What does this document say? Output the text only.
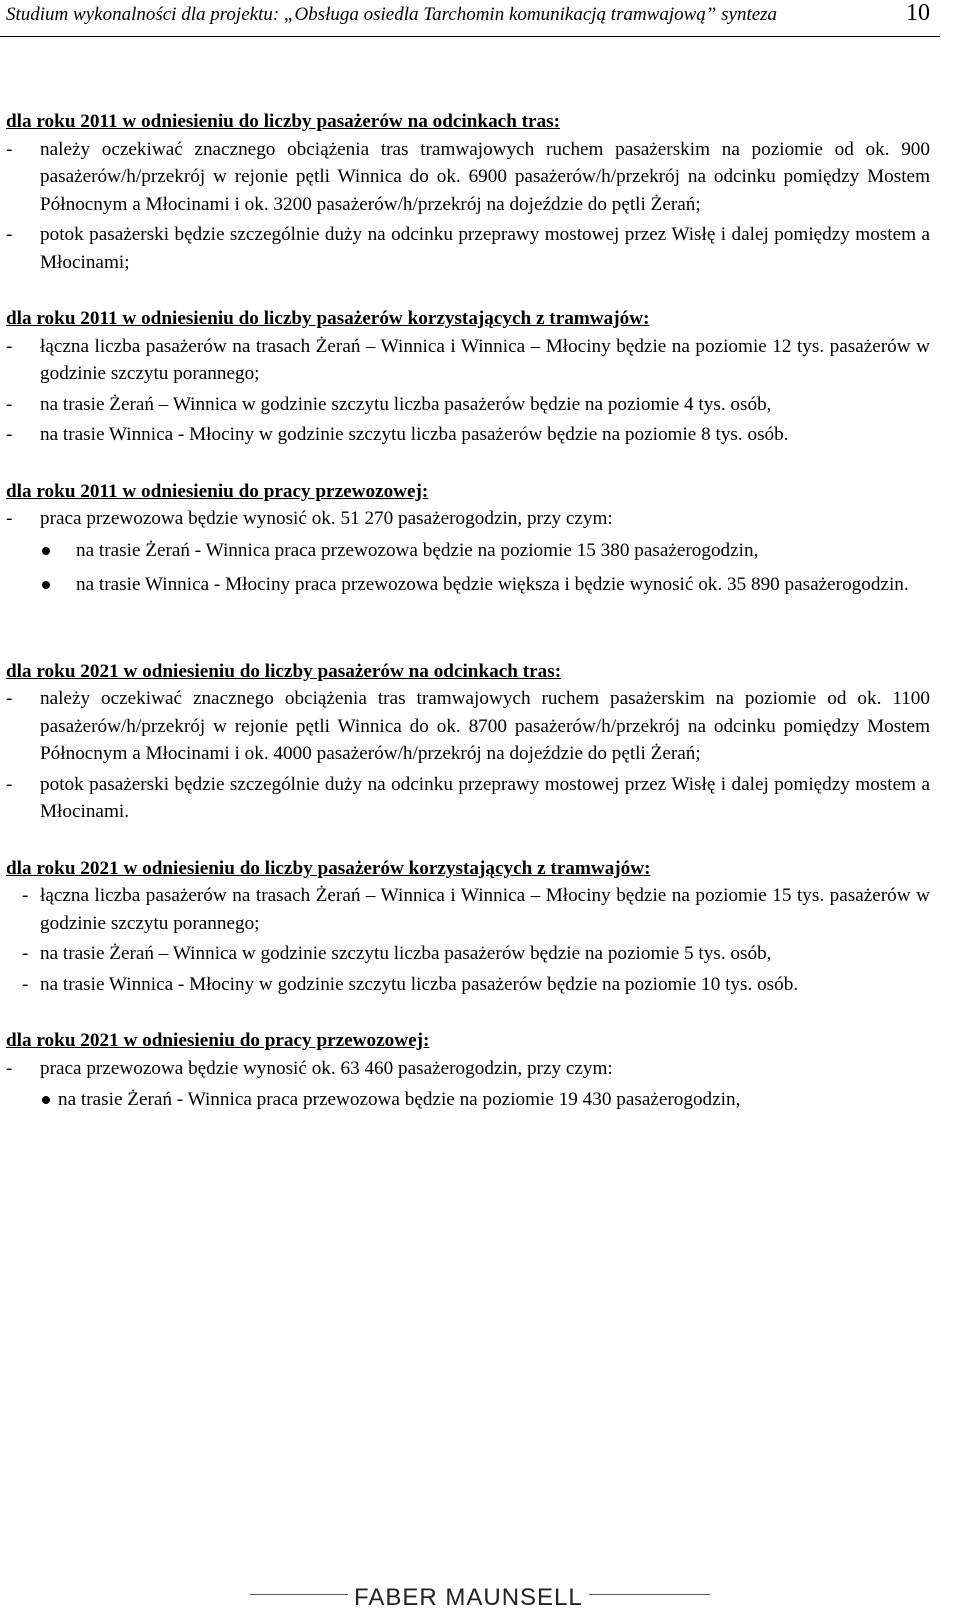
Studium wykonalności dla projektu: „Obsługa osiedla Tarchomin komunikacją tramwajową” synteza	10

dla roku 2011 w odniesieniu do liczby pasażerów na odcinkach tras:

- należy oczekiwać znacznego obciążenia tras tramwajowych ruchem pasażerskim na poziomie od ok. 900 pasażerów/h/przekrój w rejonie pętli Winnica do ok. 6900 pasażerów/h/przekrój na odcinku pomiędzy Mostem Północnym a Młocinami i ok. 3200 pasażerów/h/przekrój na dojeździe do pętli Żerań;
- potok pasażerski będzie szczególnie duży na odcinku przeprawy mostowej przez Wisłę i dalej pomiędzy mostem a Młocinami;

dla roku 2011 w odniesieniu do liczby pasażerów korzystających z tramwajów:

- łączna liczba pasażerów na trasach Żerań – Winnica i Winnica – Młociny będzie na poziomie 12 tys. pasażerów w godzinie szczytu porannego;
- na trasie Żerań – Winnica w godzinie szczytu liczba pasażerów będzie na poziomie 4 tys. osób,
- na trasie Winnica - Młociny w godzinie szczytu liczba pasażerów będzie na poziomie 8 tys. osób.

dla roku 2011 w odniesieniu do pracy przewozowej:

- praca przewozowa będzie wynosić ok. 51 270 pasażerogodzin, przy czym:
na trasie Żerań - Winnica praca przewozowa będzie na poziomie 15 380 pasażerogodzin,
na trasie Winnica - Młociny praca przewozowa będzie większa i będzie wynosić ok. 35 890 pasażerogodzin.

dla roku 2021 w odniesieniu do liczby pasażerów na odcinkach tras:

- należy oczekiwać znacznego obciążenia tras tramwajowych ruchem pasażerskim na poziomie od ok. 1100 pasażerów/h/przekrój w rejonie pętli Winnica do ok. 8700 pasażerów/h/przekrój na odcinku pomiędzy Mostem Północnym a Młocinami i ok. 4000 pasażerów/h/przekrój na dojeździe do pętli Żerań;
- potok pasażerski będzie szczególnie duży na odcinku przeprawy mostowej przez Wisłę i dalej pomiędzy mostem a Młocinami.

dla roku 2021 w odniesieniu do liczby pasażerów korzystających z tramwajów:

- łączna liczba pasażerów na trasach Żerań – Winnica i Winnica – Młociny będzie na poziomie 15 tys. pasażerów w godzinie szczytu porannego;
- na trasie Żerań – Winnica w godzinie szczytu liczba pasażerów będzie na poziomie 5 tys. osób,
- na trasie Winnica - Młociny w godzinie szczytu liczba pasażerów będzie na poziomie 10 tys. osób.

dla roku 2021 w odniesieniu do pracy przewozowej:

- praca przewozowa będzie wynosić ok. 63 460 pasażerogodzin, przy czym:
na trasie Żerań - Winnica praca przewozowa będzie na poziomie 19 430 pasażerogodzin,
FABER MAUNSELL
